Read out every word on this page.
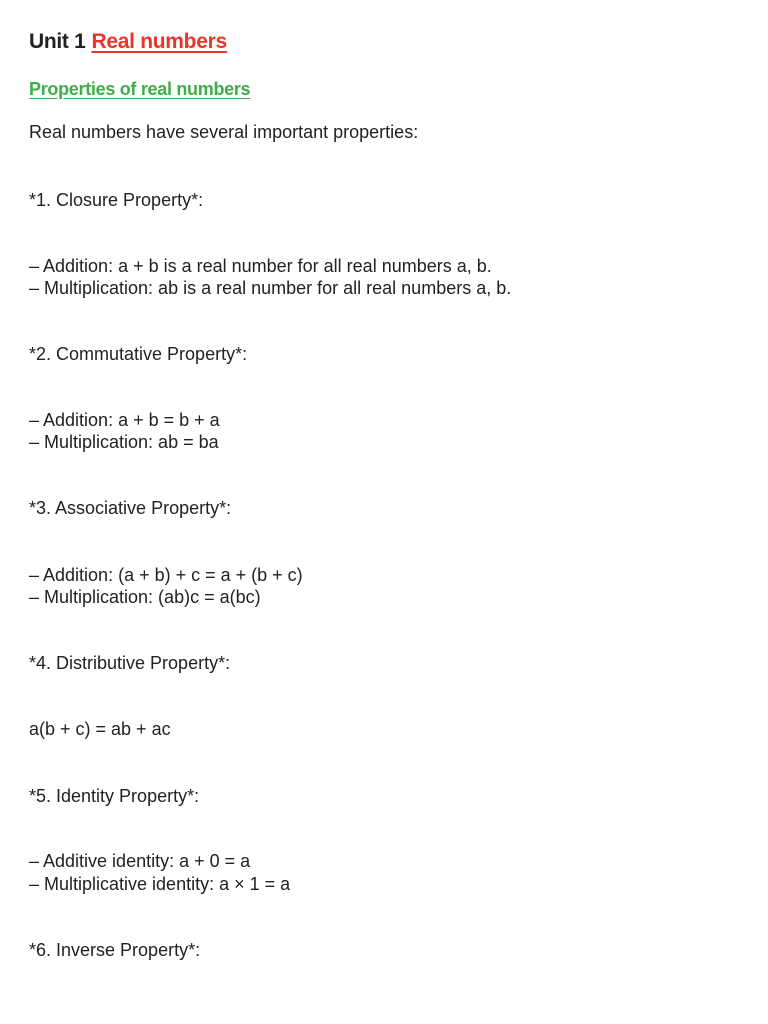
Unit 1 Real numbers
Properties of real numbers
Real numbers have several important properties:
*1. Closure Property*:
– Addition: a + b is a real number for all real numbers a, b.
– Multiplication: ab is a real number for all real numbers a, b.
*2. Commutative Property*:
– Addition: a + b = b + a
– Multiplication: ab = ba
*3. Associative Property*:
– Addition: (a + b) + c = a + (b + c)
– Multiplication: (ab)c = a(bc)
*4. Distributive Property*:
a(b + c) = ab + ac
*5. Identity Property*:
– Additive identity: a + 0 = a
– Multiplicative identity: a × 1 = a
*6. Inverse Property*:
